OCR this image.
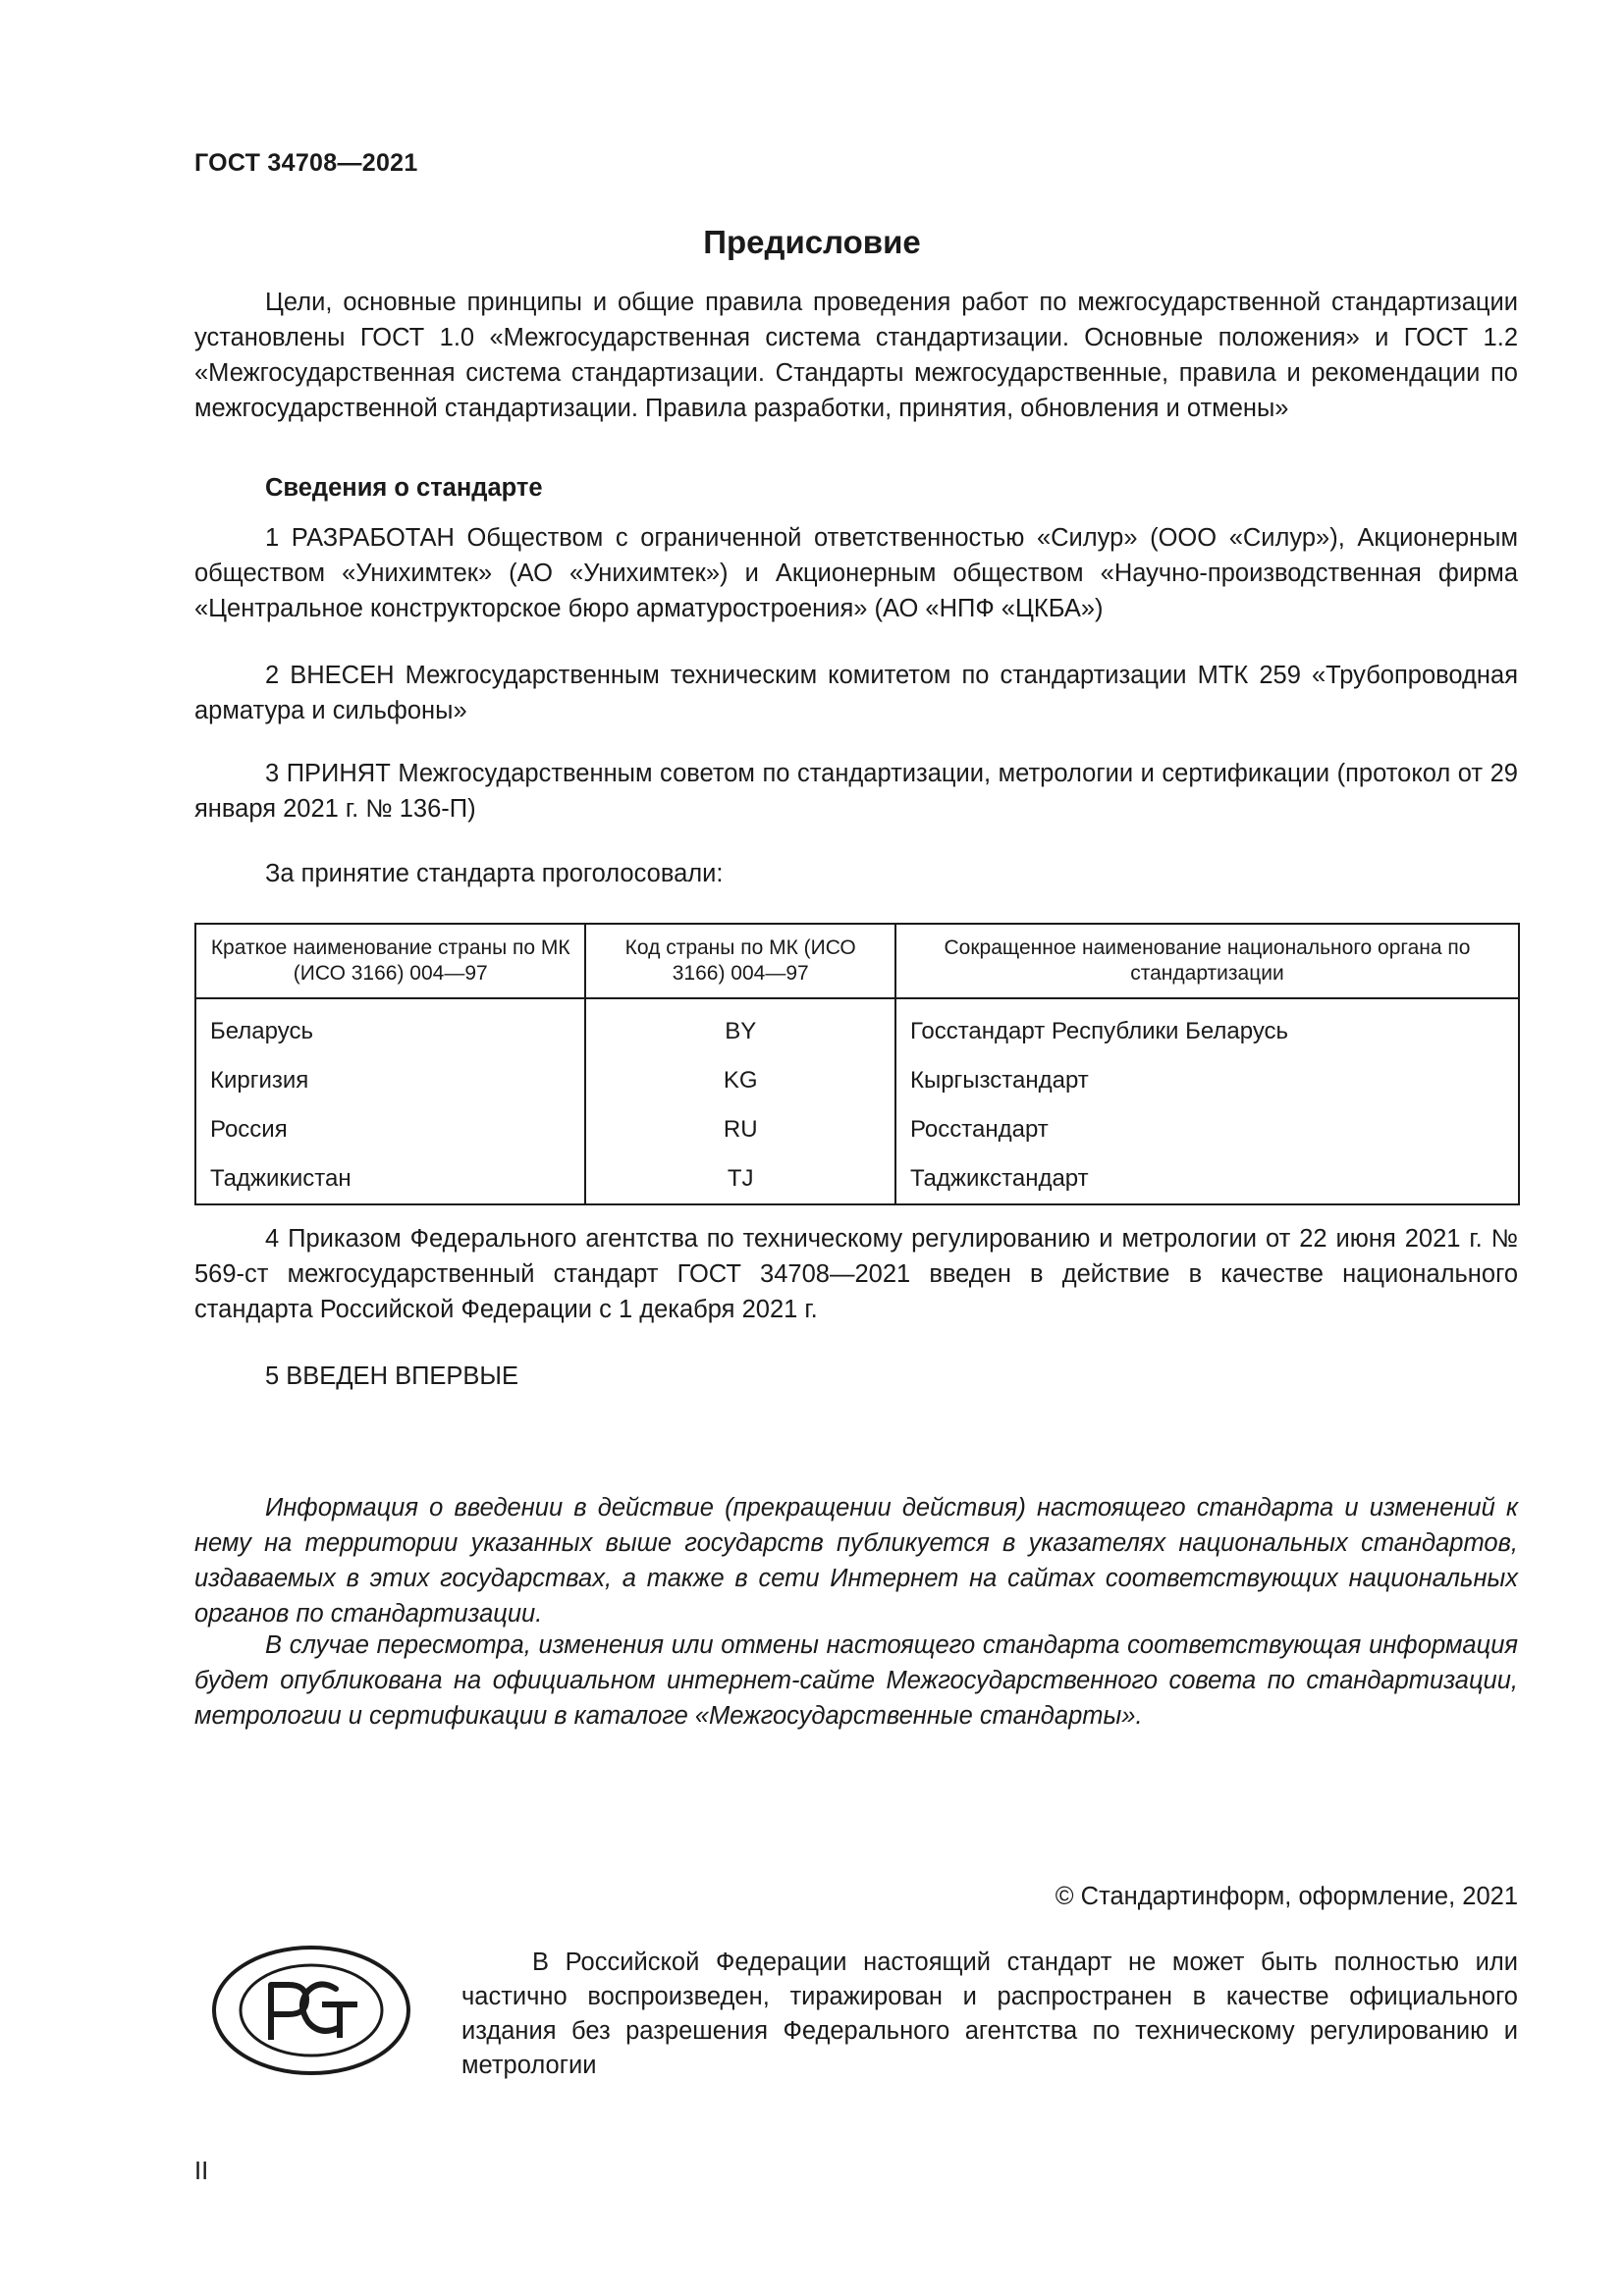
ГОСТ 34708—2021
Предисловие

Цели, основные принципы и общие правила проведения работ по межгосударственной стандартизации установлены ГОСТ 1.0 «Межгосударственная система стандартизации. Основные положения» и ГОСТ 1.2 «Межгосударственная система стандартизации. Стандарты межгосударственные, правила и рекомендации по межгосударственной стандартизации. Правила разработки, принятия, обновления и отмены»

Сведения о стандарте

1 РАЗРАБОТАН Обществом с ограниченной ответственностью «Силур» (ООО «Силур»), Акционерным обществом «Унихимтек» (АО «Унихимтек») и Акционерным обществом «Научно-производственная фирма «Центральное конструкторское бюро арматуростроения» (АО «НПФ «ЦКБА»)

2 ВНЕСЕН Межгосударственным техническим комитетом по стандартизации МТК 259 «Трубопроводная арматура и сильфоны»

3 ПРИНЯТ Межгосударственным советом по стандартизации, метрологии и сертификации (протокол от 29 января 2021 г. № 136-П)

За принятие стандарта проголосовали:

Краткое наименование страны по МК (ИСО 3166) 004—97	Код страны по МК (ИСО 3166) 004—97	Сокращенное наименование национального органа по стандартизации
Беларусь	BY	Госстандарт Республики Беларусь
Киргизия	KG	Кыргызстандарт
Россия	RU	Росстандарт
Таджикистан	TJ	Таджикстандарт

4 Приказом Федерального агентства по техническому регулированию и метрологии от 22 июня 2021 г. № 569-ст межгосударственный стандарт ГОСТ 34708—2021 введен в действие в качестве национального стандарта Российской Федерации с 1 декабря 2021 г.

5 ВВЕДЕН ВПЕРВЫЕ

Информация о введении в действие (прекращении действия) настоящего стандарта и изменений к нему на территории указанных выше государств публикуется в указателях национальных стандартов, издаваемых в этих государствах, а также в сети Интернет на сайтах соответствующих национальных органов по стандартизации.

В случае пересмотра, изменения или отмены настоящего стандарта соответствующая информация будет опубликована на официальном интернет-сайте Межгосударственного совета по стандартизации, метрологии и сертификации в каталоге «Межгосударственные стандарты».

© Стандартинформ, оформление, 2021

В Российской Федерации настоящий стандарт не может быть полностью или частично воспроизведен, тиражирован и распространен в качестве официального издания без разрешения Федерального агентства по техническому регулированию и метрологии

II
